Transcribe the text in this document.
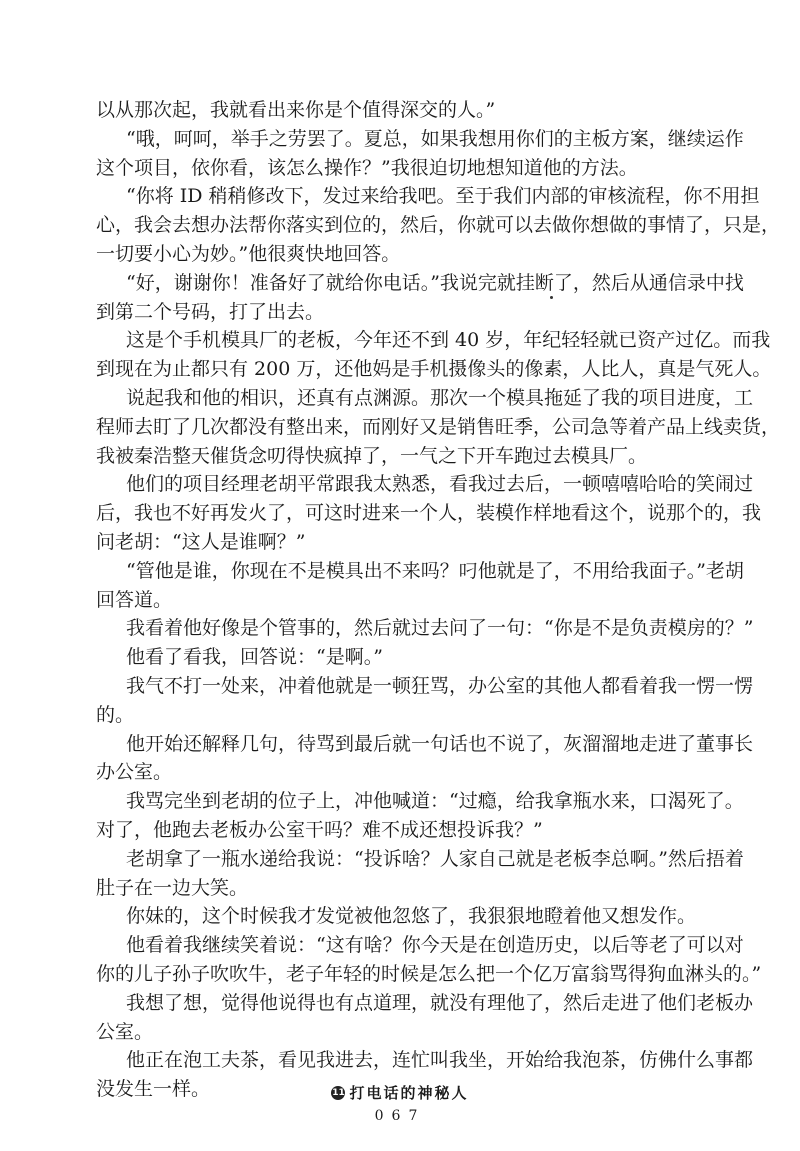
以从那次起，我就看出来你是个值得深交的人。”
“哦，呵呵，举手之劳罢了。夏总，如果我想用你们的主板方案，继续运作
这个项目，依你看，该怎么操作？”我很迫切地想知道他的方法。
“你将 ID 稍稍修改下，发过来给我吧。至于我们内部的审核流程，你不用担
心，我会去想办法帮你落实到位的，然后，你就可以去做你想做的事情了，只是，
一切要小心为妙。”他很爽快地回答。
“好，谢谢你！准备好了就给你电话。”我说完就挂断了，然后从通信录中找
到第二个号码，打了出去。
这是个手机模具厂的老板，今年还不到 40 岁，年纪轻轻就已资产过亿。而我
到现在为止都只有 200 万，还他妈是手机摄像头的像素，人比人，真是气死人。
说起我和他的相识，还真有点渊源。那次一个模具拖延了我的项目进度，工
程师去盯了几次都没有整出来，而刚好又是销售旺季，公司急等着产品上线卖货，
我被秦浩整天催货念叨得快疯掉了，一气之下开车跑过去模具厂。
他们的项目经理老胡平常跟我太熟悉，看我过去后，一顿嘻嘻哈哈的笑闹过
后，我也不好再发火了，可这时进来一个人，装模作样地看这个，说那个的，我
问老胡：“这人是谁啊？”
“管他是谁，你现在不是模具出不来吗？叼他就是了，不用给我面子。”老胡
回答道。
我看着他好像是个管事的，然后就过去问了一句：“你是不是负责模房的？”
他看了看我，回答说：“是啊。”
我气不打一处来，冲着他就是一顿狂骂，办公室的其他人都看着我一愣一愣
的。
他开始还解释几句，待骂到最后就一句话也不说了，灰溜溜地走进了董事长
办公室。
我骂完坐到老胡的位子上，冲他喊道：“过瘾，给我拿瓶水来，口渴死了。
对了，他跑去老板办公室干吗？难不成还想投诉我？”
老胡拿了一瓶水递给我说：“投诉啥？人家自己就是老板李总啊。”然后捂着
肚子在一边大笑。
你妹的，这个时候我才发觉被他忽悠了，我狠狠地瞪着他又想发作。
他看着我继续笑着说：“这有啥？你今天是在创造历史，以后等老了可以对
你的儿子孙子吹吹牛，老子年轻的时候是怎么把一个亿万富翁骂得狗血淋头的。”
我想了想，觉得他说得也有点道理，就没有理他了，然后走进了他们老板办
公室。
他正在泡工夫茶，看见我进去，连忙叫我坐，开始给我泡茶，仿佛什么事都
没发生一样。	11 打电话的神秘人
067
